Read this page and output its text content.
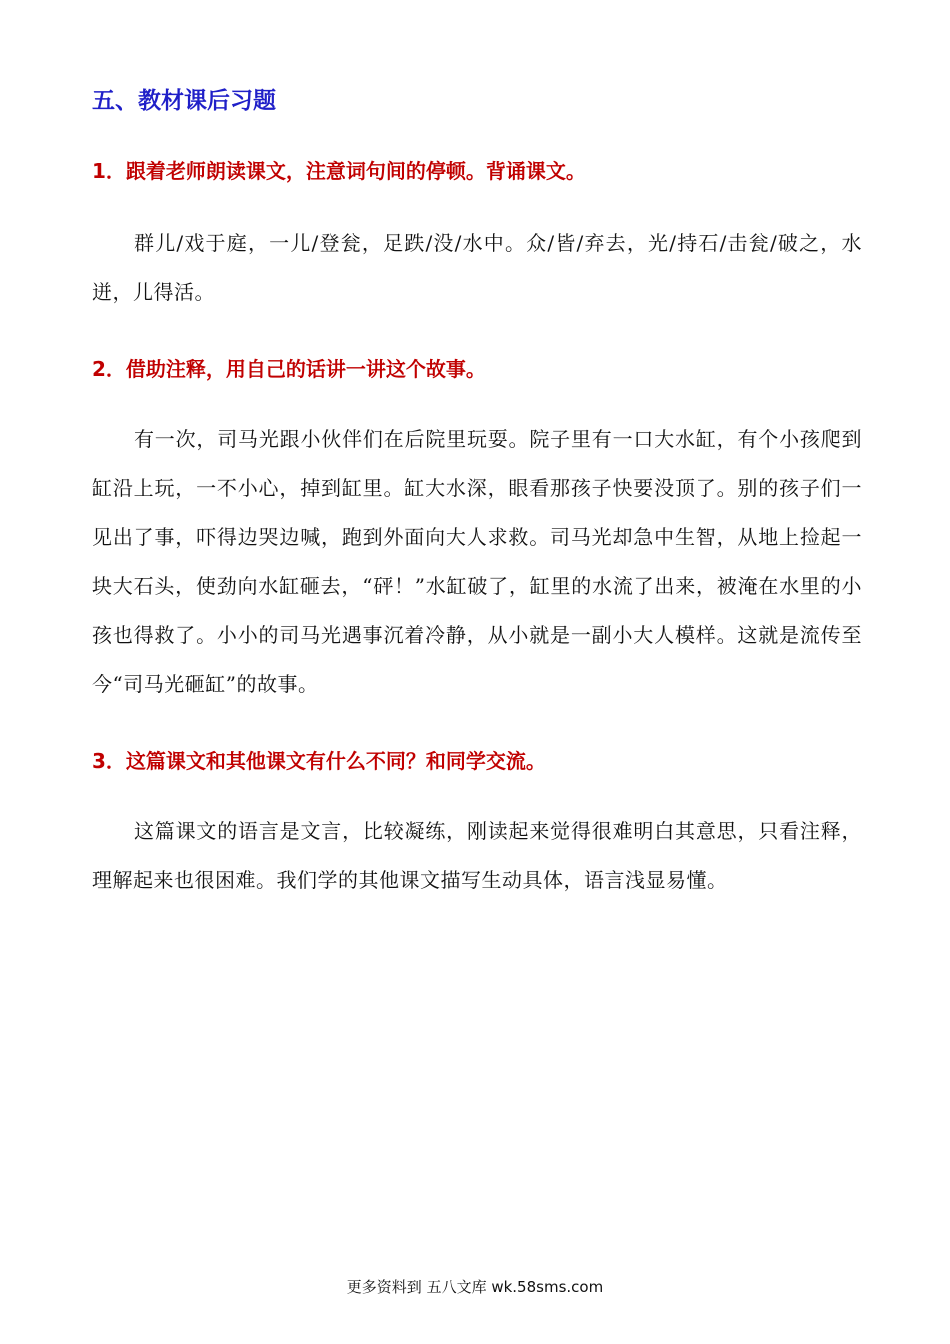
五、教材课后习题

1．跟着老师朗读课文，注意词句间的停顿。背诵课文。

群儿/戏于庭，一儿/登瓮，足跌/没/水中。众/皆/弃去，光/持石/击瓮/破之，水迸，儿得活。

2．借助注释，用自己的话讲一讲这个故事。

有一次，司马光跟小伙伴们在后院里玩耍。院子里有一口大水缸，有个小孩爬到缸沿上玩，一不小心，掉到缸里。缸大水深，眼看那孩子快要没顶了。别的孩子们一见出了事，吓得边哭边喊，跑到外面向大人求救。司马光却急中生智，从地上捡起一块大石头，使劲向水缸砸去，“砰！”水缸破了，缸里的水流了出来，被淹在水里的小孩也得救了。小小的司马光遇事沉着冷静，从小就是一副小大人模样。这就是流传至今“司马光砸缸”的故事。

3．这篇课文和其他课文有什么不同？和同学交流。

这篇课文的语言是文言，比较凝练，刚读起来觉得很难明白其意思，只看注释，理解起来也很困难。我们学的其他课文描写生动具体，语言浅显易懂。

更多资料到 五八文库 wk.58sms.com
